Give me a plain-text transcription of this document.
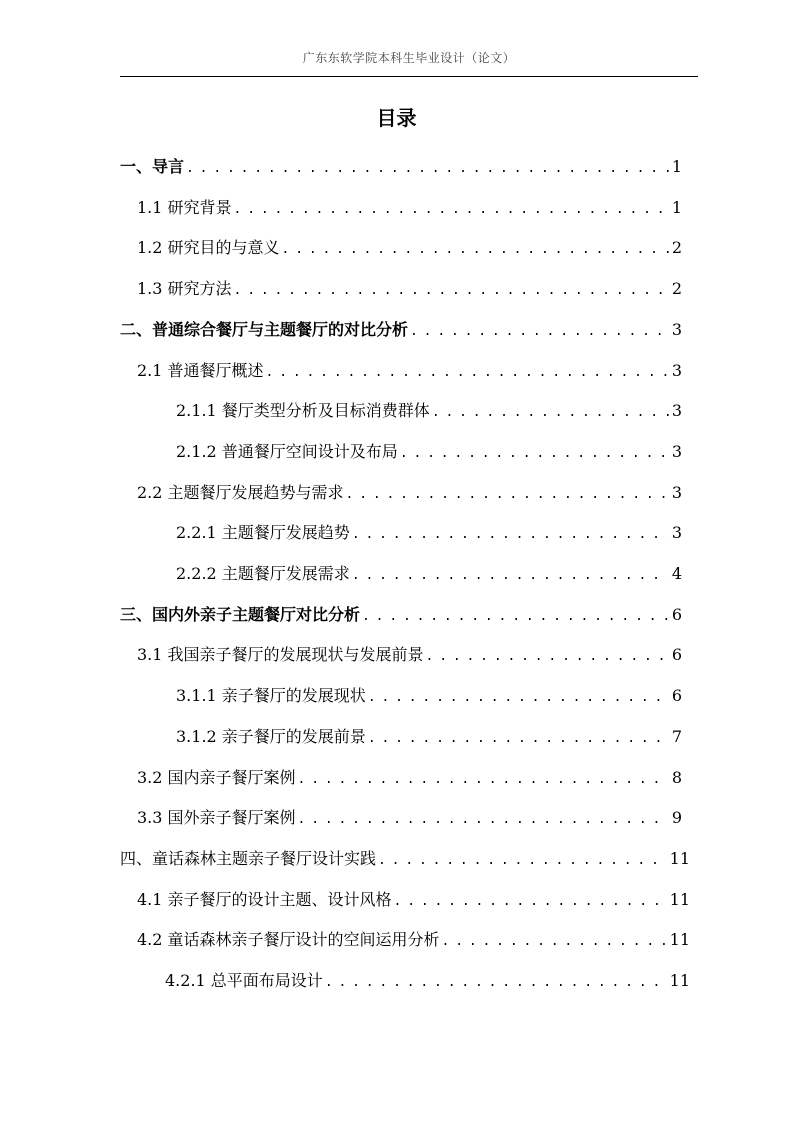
广东东软学院本科生毕业设计（论文）
目录
一、导言 . . .	1
1.1 研究背景 . . .	1
1.2 研究目的与意义 . . .	2
1.3 研究方法 . . .	2
二、普通综合餐厅与主题餐厅的对比分析 . . .	3
2.1 普通餐厅概述 . . .	3
2.1.1 餐厅类型分析及目标消费群体 . . .	3
2.1.2 普通餐厅空间设计及布局 . . .	3
2.2 主题餐厅发展趋势与需求 . . .	3
2.2.1 主题餐厅发展趋势 . . .	3
2.2.2 主题餐厅发展需求 . . .	4
三、国内外亲子主题餐厅对比分析 . . .	6
3.1 我国亲子餐厅的发展现状与发展前景 . . .	6
3.1.1 亲子餐厅的发展现状 . . .	6
3.1.2 亲子餐厅的发展前景 . . .	7
3.2 国内亲子餐厅案例 . . .	8
3.3 国外亲子餐厅案例 . . .	9
四、童话森林主题亲子餐厅设计实践 . . .	11
4.1 亲子餐厅的设计主题、设计风格 . . .	11
4.2 童话森林亲子餐厅设计的空间运用分析 . . .	11
4.2.1 总平面布局设计 . . .	11
